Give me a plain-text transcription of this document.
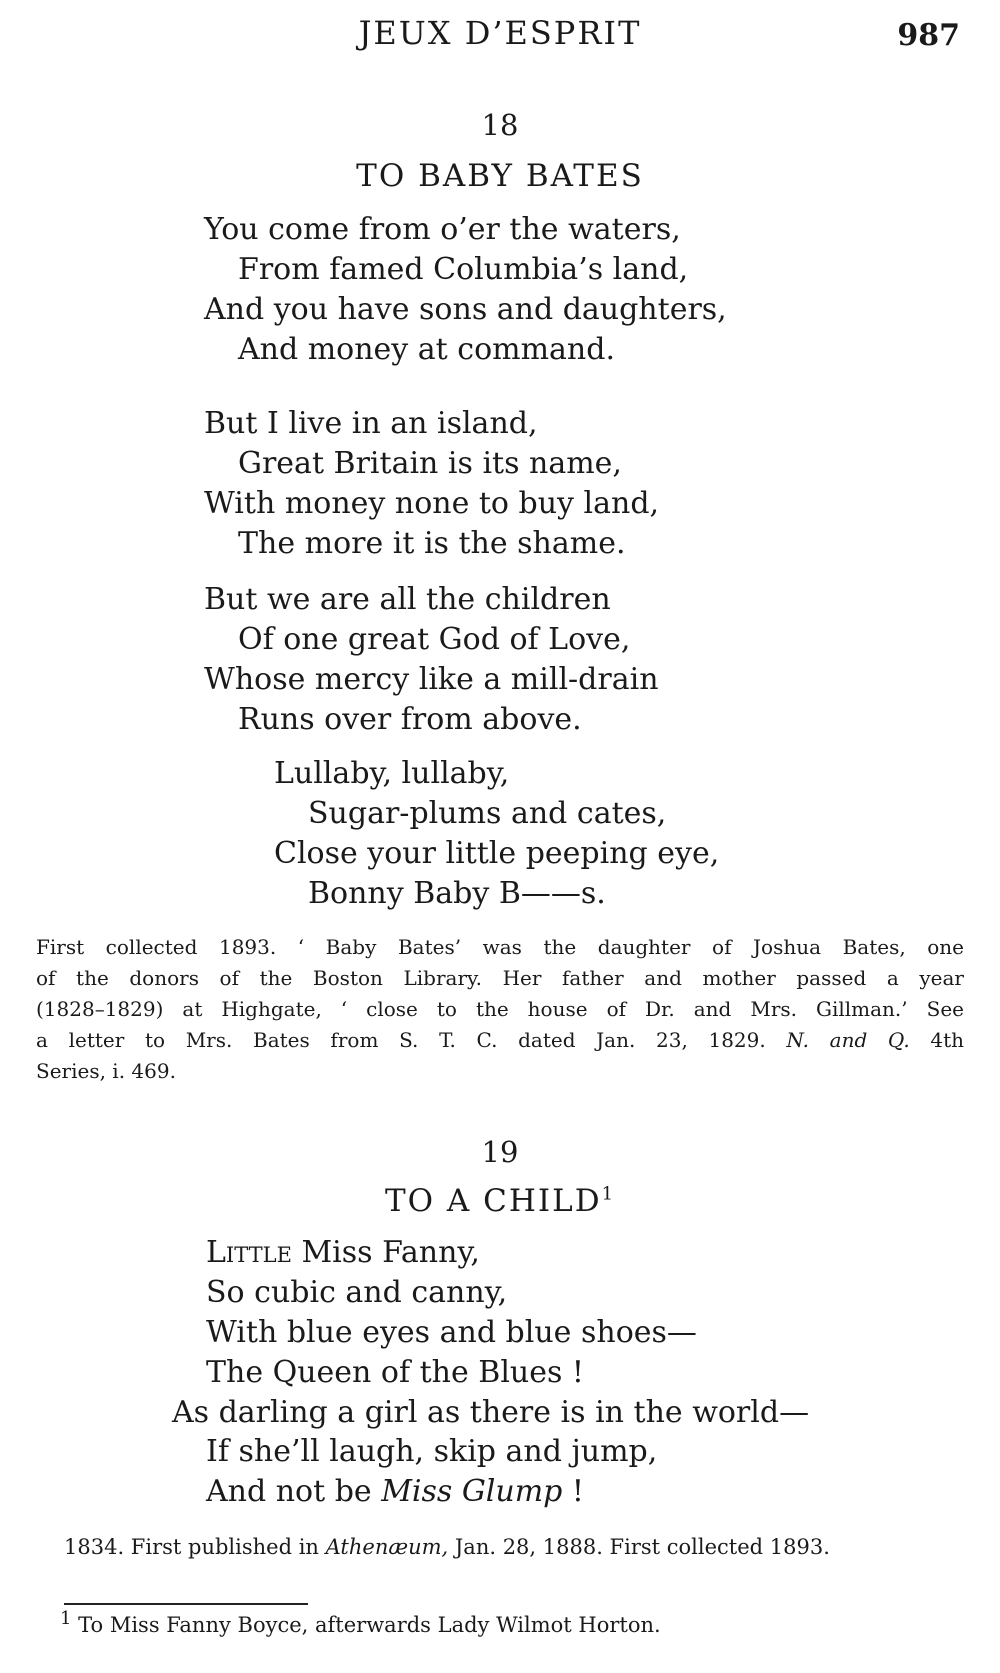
JEUX D’ESPRIT	987
18
TO BABY BATES
You come from o’er the waters,
From famed Columbia’s land,
And you have sons and daughters,
And money at command.
But I live in an island,
Great Britain is its name,
With money none to buy land,
The more it is the shame.
But we are all the children
Of one great God of Love,
Whose mercy like a mill-drain
Runs over from above.
Lullaby, lullaby,
Sugar-plums and cates,
Close your little peeping eye,
Bonny Baby B——s.
First collected 1893. ‘ Baby Bates’ was the daughter of Joshua Bates, one
of the donors of the Boston Library. Her father and mother passed a year
(1828–1829) at Highgate, ‘ close to the house of Dr. and Mrs. Gillman.’ See
a letter to Mrs. Bates from S. T. C. dated Jan. 23, 1829. N. and Q. 4th
Series, i. 469.
19
TO A CHILD$^1$
Little Miss Fanny,
So cubic and canny,
With blue eyes and blue shoes—
The Queen of the Blues !
As darling a girl as there is in the world—
If she’ll laugh, skip and jump,
And not be Miss Glump !
1834. First published in Athenæum, Jan. 28, 1888. First collected 1893.
1 To Miss Fanny Boyce, afterwards Lady Wilmot Horton.
